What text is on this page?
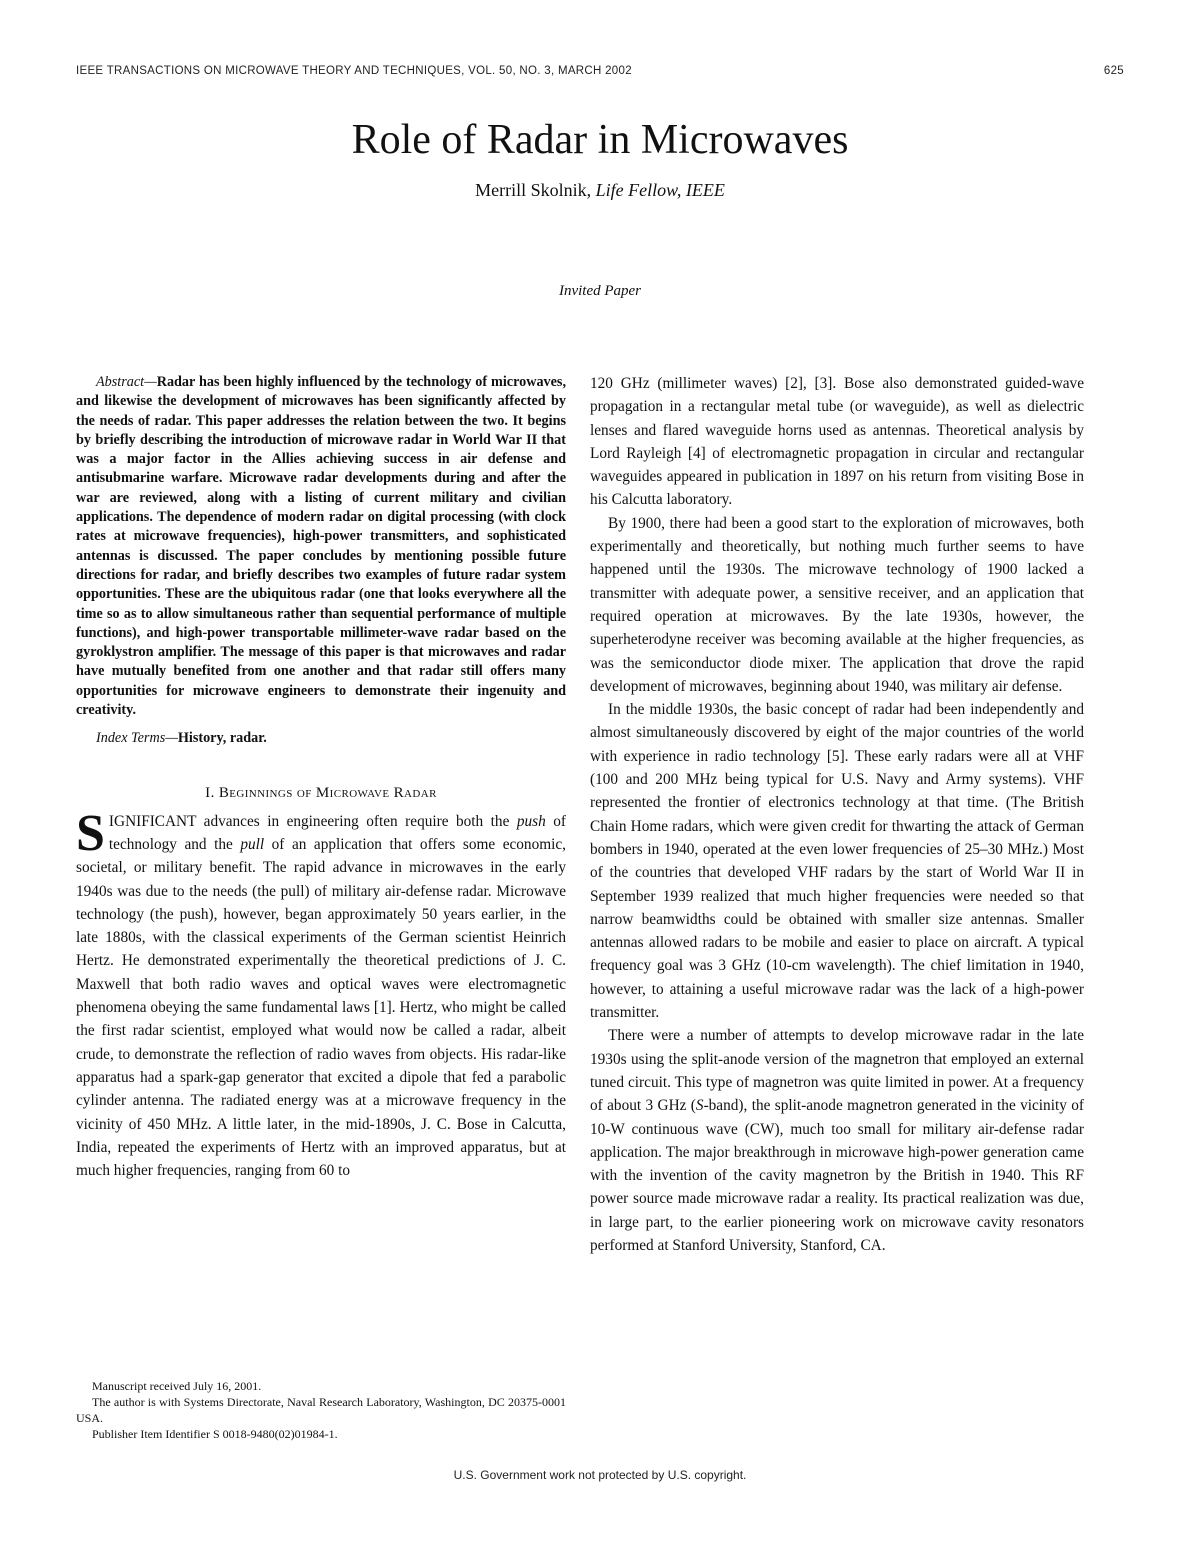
IEEE TRANSACTIONS ON MICROWAVE THEORY AND TECHNIQUES, VOL. 50, NO. 3, MARCH 2002	625
Role of Radar in Microwaves
Merrill Skolnik, Life Fellow, IEEE
Invited Paper

Abstract—Radar has been highly influenced by the technology of microwaves, and likewise the development of microwaves has been significantly affected by the needs of radar. This paper addresses the relation between the two. It begins by briefly describing the introduction of microwave radar in World War II that was a major factor in the Allies achieving success in air defense and antisubmarine warfare. Microwave radar developments during and after the war are reviewed, along with a listing of current military and civilian applications. The dependence of modern radar on digital processing (with clock rates at microwave frequencies), high-power transmitters, and sophisticated antennas is discussed. The paper concludes by mentioning possible future directions for radar, and briefly describes two examples of future radar system opportunities. These are the ubiquitous radar (one that looks everywhere all the time so as to allow simultaneous rather than sequential performance of multiple functions), and high-power transportable millimeter-wave radar based on the gyroklystron amplifier. The message of this paper is that microwaves and radar have mutually benefited from one another and that radar still offers many opportunities for microwave engineers to demonstrate their ingenuity and creativity.

Index Terms—History, radar.

I. Beginnings of Microwave Radar

SIGNIFICANT advances in engineering often require both the push of technology and the pull of an application that offers some economic, societal, or military benefit. The rapid advance in microwaves in the early 1940s was due to the needs (the pull) of military air-defense radar. Microwave technology (the push), however, began approximately 50 years earlier, in the late 1880s, with the classical experiments of the German scientist Heinrich Hertz. He demonstrated experimentally the theoretical predictions of J. C. Maxwell that both radio waves and optical waves were electromagnetic phenomena obeying the same fundamental laws [1]. Hertz, who might be called the first radar scientist, employed what would now be called a radar, albeit crude, to demonstrate the reflection of radio waves from objects. His radar-like apparatus had a spark-gap generator that excited a dipole that fed a parabolic cylinder antenna. The radiated energy was at a microwave frequency in the vicinity of 450 MHz. A little later, in the mid-1890s, J. C. Bose in Calcutta, India, repeated the experiments of Hertz with an improved apparatus, but at much higher frequencies, ranging from 60 to

120 GHz (millimeter waves) [2], [3]. Bose also demonstrated guided-wave propagation in a rectangular metal tube (or waveguide), as well as dielectric lenses and flared waveguide horns used as antennas. Theoretical analysis by Lord Rayleigh [4] of electromagnetic propagation in circular and rectangular waveguides appeared in publication in 1897 on his return from visiting Bose in his Calcutta laboratory.

By 1900, there had been a good start to the exploration of microwaves, both experimentally and theoretically, but nothing much further seems to have happened until the 1930s. The microwave technology of 1900 lacked a transmitter with adequate power, a sensitive receiver, and an application that required operation at microwaves. By the late 1930s, however, the superheterodyne receiver was becoming available at the higher frequencies, as was the semiconductor diode mixer. The application that drove the rapid development of microwaves, beginning about 1940, was military air defense.

In the middle 1930s, the basic concept of radar had been independently and almost simultaneously discovered by eight of the major countries of the world with experience in radio technology [5]. These early radars were all at VHF (100 and 200 MHz being typical for U.S. Navy and Army systems). VHF represented the frontier of electronics technology at that time. (The British Chain Home radars, which were given credit for thwarting the attack of German bombers in 1940, operated at the even lower frequencies of 25–30 MHz.) Most of the countries that developed VHF radars by the start of World War II in September 1939 realized that much higher frequencies were needed so that narrow beamwidths could be obtained with smaller size antennas. Smaller antennas allowed radars to be mobile and easier to place on aircraft. A typical frequency goal was 3 GHz (10-cm wavelength). The chief limitation in 1940, however, to attaining a useful microwave radar was the lack of a high-power transmitter.

There were a number of attempts to develop microwave radar in the late 1930s using the split-anode version of the magnetron that employed an external tuned circuit. This type of magnetron was quite limited in power. At a frequency of about 3 GHz (S-band), the split-anode magnetron generated in the vicinity of 10-W continuous wave (CW), much too small for military air-defense radar application. The major breakthrough in microwave high-power generation came with the invention of the cavity magnetron by the British in 1940. This RF power source made microwave radar a reality. Its practical realization was due, in large part, to the earlier pioneering work on microwave cavity resonators performed at Stanford University, Stanford, CA.

Manuscript received July 16, 2001.

The author is with Systems Directorate, Naval Research Laboratory, Washington, DC 20375-0001 USA.

Publisher Item Identifier S 0018-9480(02)01984-1.

U.S. Government work not protected by U.S. copyright.
